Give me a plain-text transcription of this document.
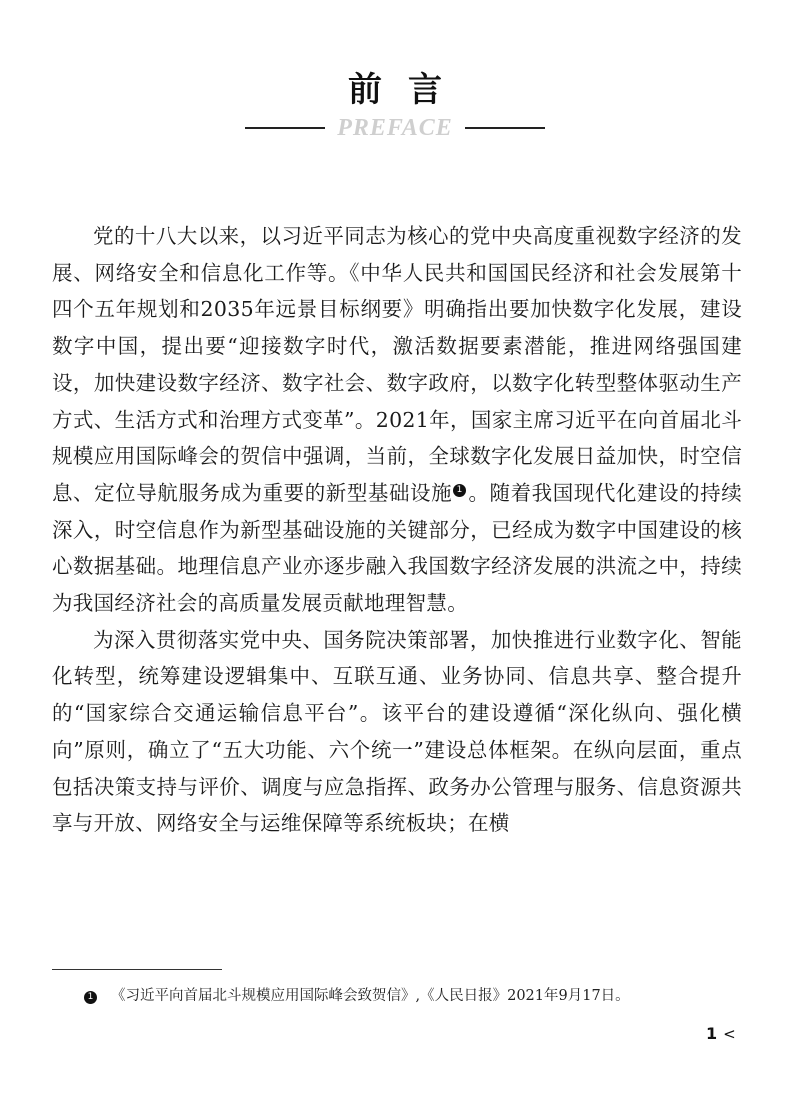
前言
PREFACE

党的十八大以来，以习近平同志为核心的党中央高度重视数字经济的发展、网络安全和信息化工作等。《中华人民共和国国民经济和社会发展第十四个五年规划和2035年远景目标纲要》明确指出要加快数字化发展，建设数字中国，提出要“迎接数字时代，激活数据要素潜能，推进网络强国建设，加快建设数字经济、数字社会、数字政府，以数字化转型整体驱动生产方式、生活方式和治理方式变革”。2021年，国家主席习近平在向首届北斗规模应用国际峰会的贺信中强调，当前，全球数字化发展日益加快，时空信息、定位导航服务成为重要的新型基础设施 1 。随着我国现代化建设的持续深入，时空信息作为新型基础设施的关键部分，已经成为数字中国建设的核心数据基础。地理信息产业亦逐步融入我国数字经济发展的洪流之中，持续为我国经济社会的高质量发展贡献地理智慧。

为深入贯彻落实党中央、国务院决策部署，加快推进行业数字化、智能化转型，统筹建设逻辑集中、互联互通、业务协同、信息共享、整合提升的“国家综合交通运输信息平台”。该平台的建设遵循“深化纵向、强化横向”原则，确立了“五大功能、六个统一”建设总体框架。在纵向层面，重点包括决策支持与评价、调度与应急指挥、政务办公管理与服务、信息资源共享与开放、网络安全与运维保障等系统板块；在横

1 《习近平向首届北斗规模应用国际峰会致贺信》,《人民日报》2021年9月17日。
1 <
